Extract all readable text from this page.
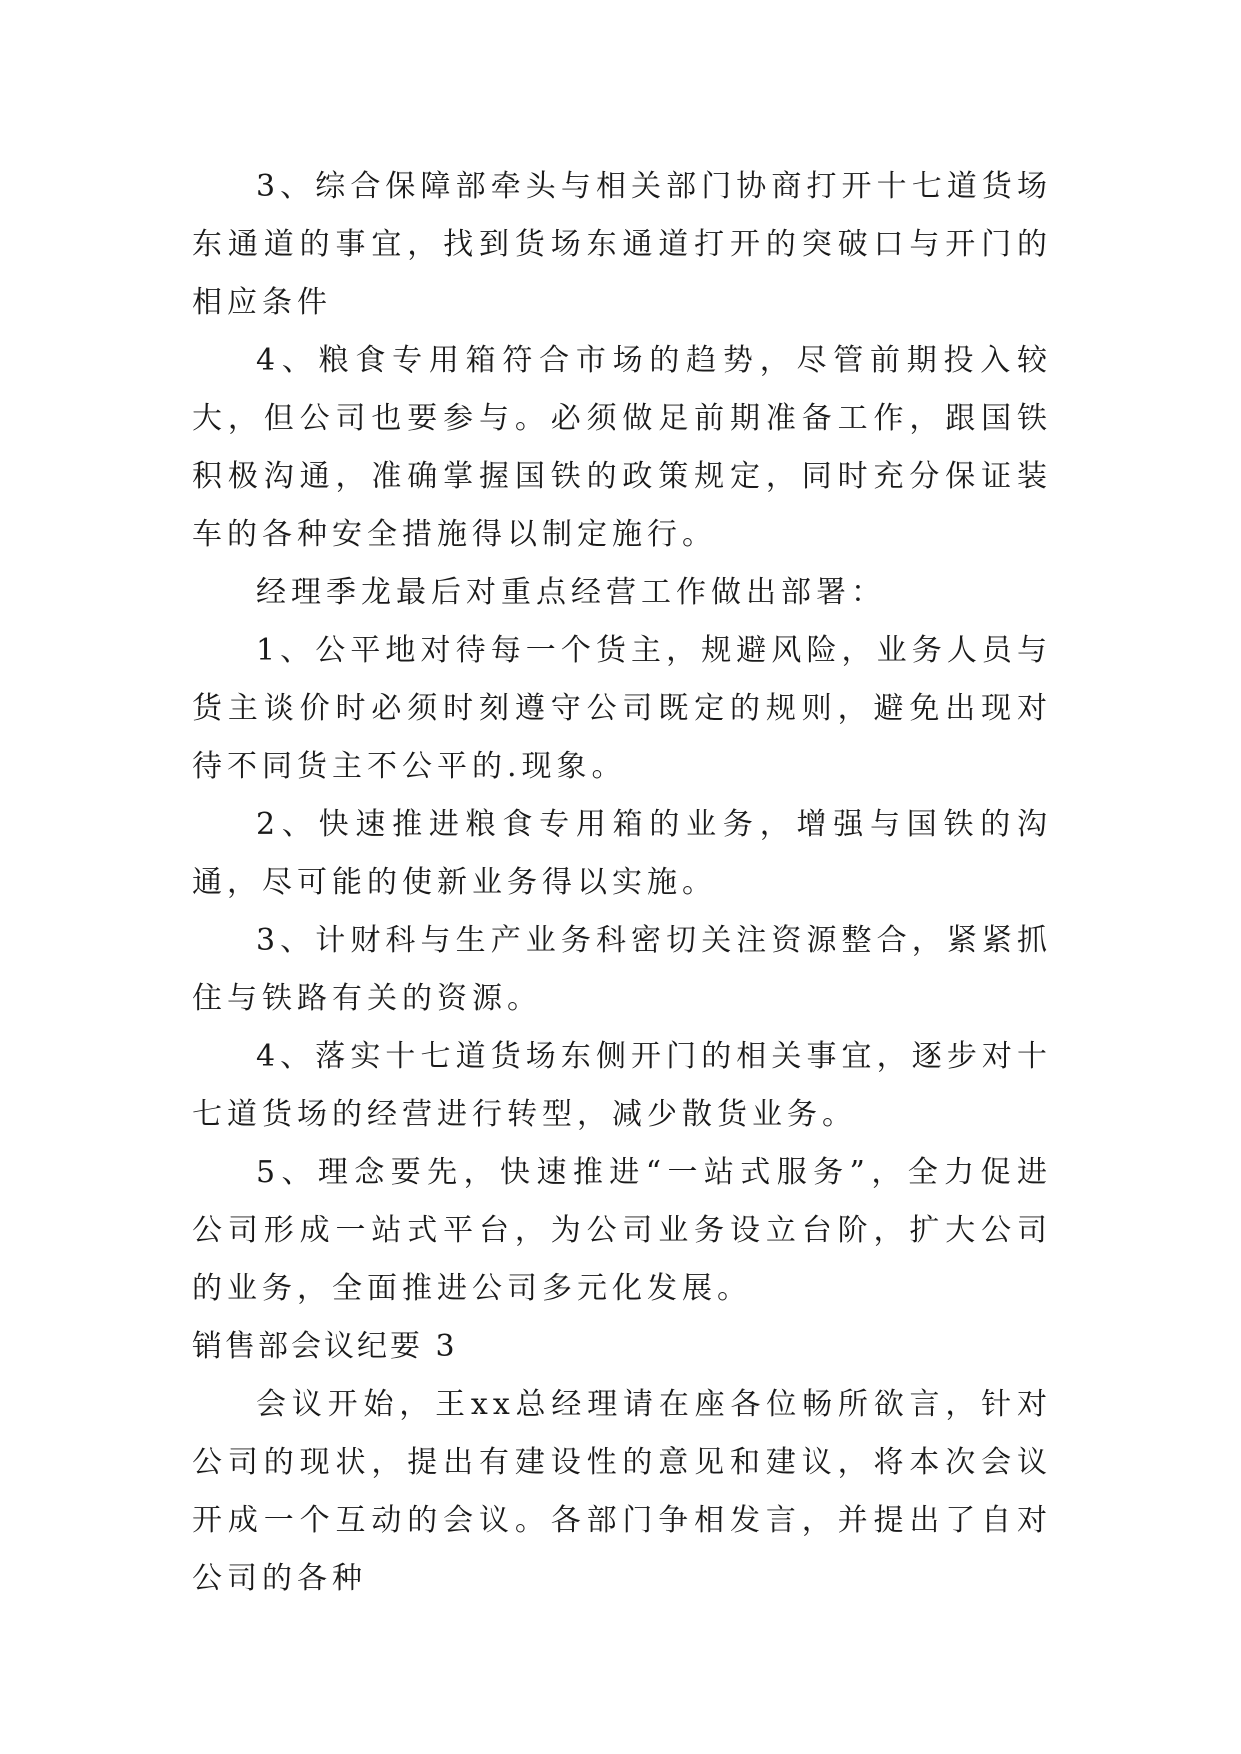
3、综合保障部牵头与相关部门协商打开十七道货场东通道的事宜，找到货场东通道打开的突破口与开门的相应条件

4、粮食专用箱符合市场的趋势，尽管前期投入较大，但公司也要参与。必须做足前期准备工作，跟国铁积极沟通，准确掌握国铁的政策规定，同时充分保证装车的各种安全措施得以制定施行。

经理季龙最后对重点经营工作做出部署：

1、公平地对待每一个货主，规避风险，业务人员与货主谈价时必须时刻遵守公司既定的规则，避免出现对待不同货主不公平的.现象。

2、快速推进粮食专用箱的业务，增强与国铁的沟通，尽可能的使新业务得以实施。

3、计财科与生产业务科密切关注资源整合，紧紧抓住与铁路有关的资源。

4、落实十七道货场东侧开门的相关事宜，逐步对十七道货场的经营进行转型，减少散货业务。

5、理念要先，快速推进“一站式服务”，全力促进公司形成一站式平台，为公司业务设立台阶，扩大公司的业务，全面推进公司多元化发展。

销售部会议纪要 3

会议开始，王xx总经理请在座各位畅所欲言，针对公司的现状，提出有建设性的意见和建议，将本次会议开成一个互动的会议。各部门争相发言，并提出了自对公司的各种
